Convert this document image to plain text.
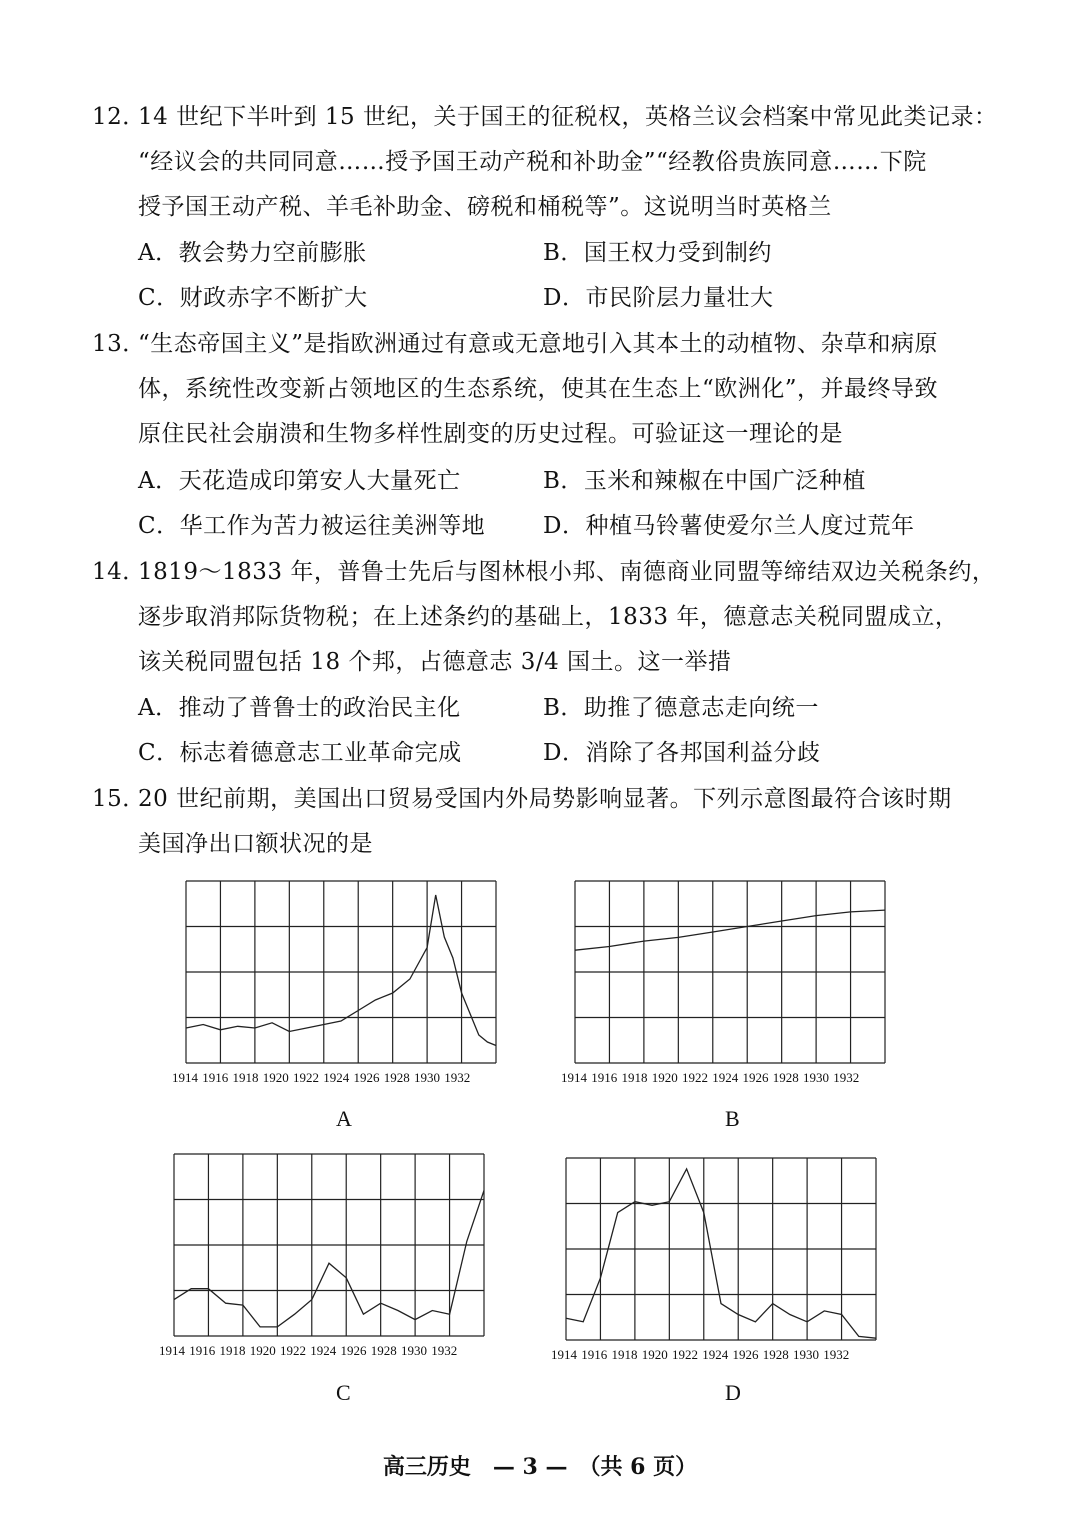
12．
14 世纪下半叶到 15 世纪，关于国王的征税权，英格兰议会档案中常见此类记录：
“经议会的共同同意……授予国王动产税和补助金”“经教俗贵族同意……下院
授予国王动产税、羊毛补助金、磅税和桶税等”。这说明当时英格兰
A．教会势力空前膨胀	B．国王权力受到制约
C．财政赤字不断扩大	D．市民阶层力量壮大
13．
“生态帝国主义”是指欧洲通过有意或无意地引入其本土的动植物、杂草和病原
体，系统性改变新占领地区的生态系统，使其在生态上“欧洲化”，并最终导致
原住民社会崩溃和生物多样性剧变的历史过程。可验证这一理论的是
A．天花造成印第安人大量死亡	B．玉米和辣椒在中国广泛种植
C．华工作为苦力被运往美洲等地	D．种植马铃薯使爱尔兰人度过荒年
14．
1819～1833 年，普鲁士先后与图林根小邦、南德商业同盟等缔结双边关税条约，
逐步取消邦际货物税；在上述条约的基础上，1833 年，德意志关税同盟成立，
该关税同盟包括 18 个邦，占德意志 3/4 国土。这一举措
A．推动了普鲁士的政治民主化	B．助推了德意志走向统一
C．标志着德意志工业革命完成	D．消除了各邦国利益分歧
15．
20 世纪前期，美国出口贸易受国内外局势影响显著。下列示意图最符合该时期
美国净出口额状况的是
1914 1916 1918 1920 1922 1924 1926 1928 1930 1932
A
1914 1916 1918 1920 1922 1924 1926 1928 1930 1932
B
1914 1916 1918 1920 1922 1924 1926 1928 1930 1932
C
1914 1916 1918 1920 1922 1924 1926 1928 1930 1932
D
高三历史　— 3 —　（共 6 页）
